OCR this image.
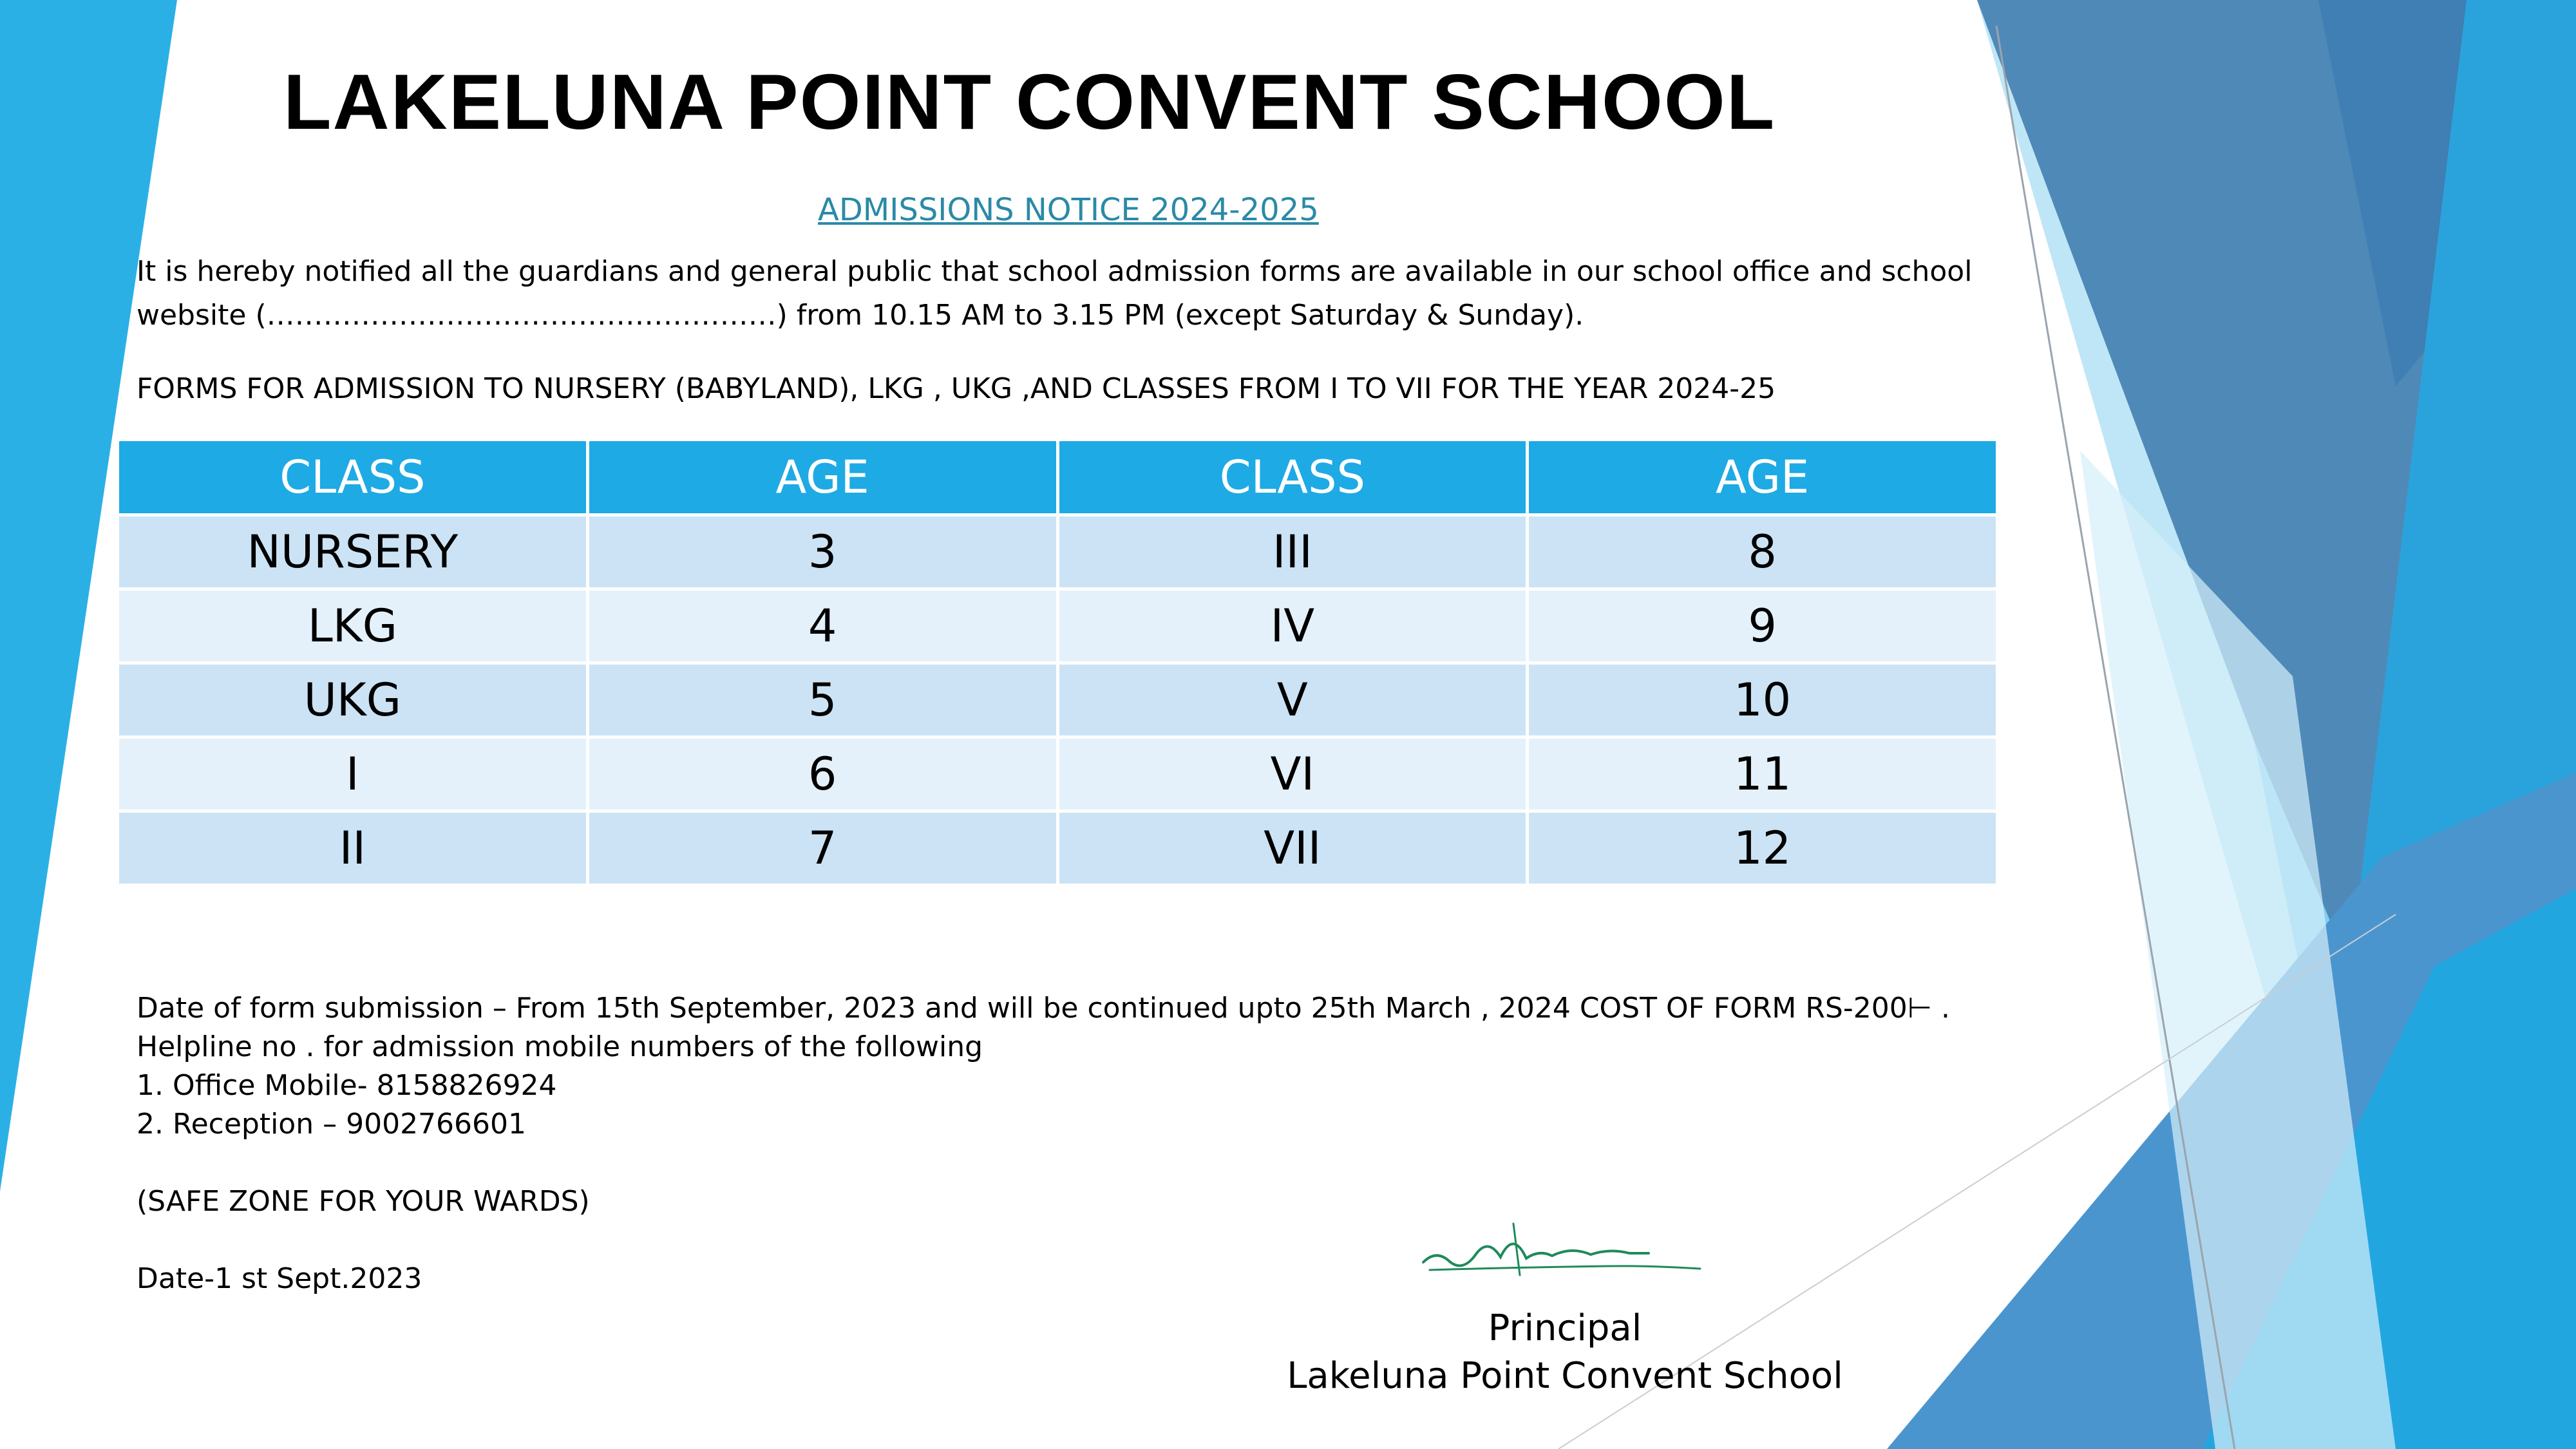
LAKELUNA POINT CONVENT SCHOOL
ADMISSIONS NOTICE 2024-2025

It is hereby notified all the guardians and general public that school admission forms are available in our school office and school website (………………………………………………) from 10.15 AM to 3.15 PM (except Saturday & Sunday).

FORMS FOR ADMISSION TO NURSERY (BABYLAND), LKG , UKG ,AND CLASSES FROM I TO VII FOR THE YEAR 2024-25

CLASS	AGE	CLASS	AGE
NURSERY	3	III	8
LKG	4	IV	9
UKG	5	V	10
I	6	VI	11
II	7	VII	12

Date of form submission – From 15th September, 2023 and will be continued upto 25th March , 2024 COST OF FORM RS-200⊢ .

Helpline no . for admission mobile numbers of the following

1. Office Mobile- 8158826924

2. Reception – 9002766601

(SAFE ZONE FOR YOUR WARDS)

Date-1 st Sept.2023

Principal

Lakeluna Point Convent School
